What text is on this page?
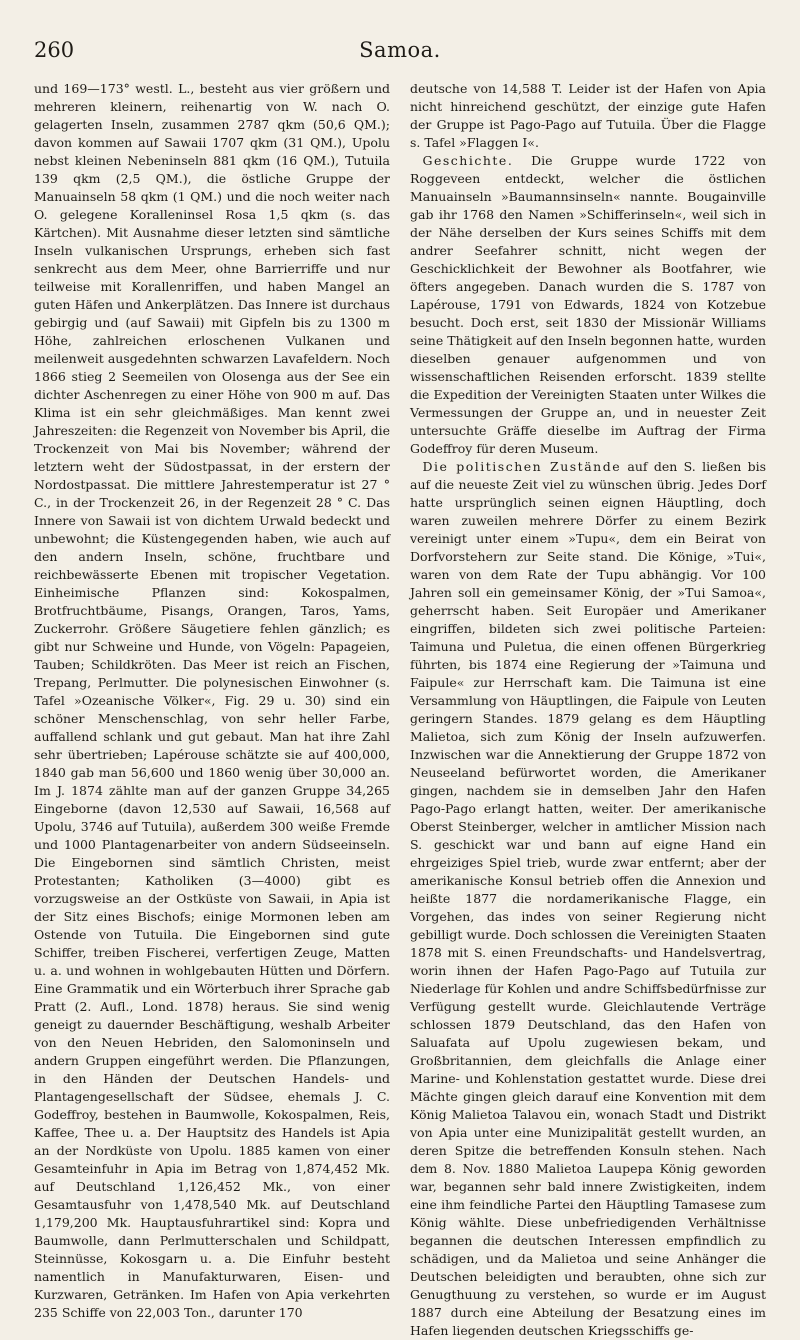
260	Samoa.

und 169—173° westl. L., besteht aus vier größern und mehreren kleinern, reihenartig von W. nach O. gelagerten Inseln, zusammen 2787 qkm (50,6 QM.); davon kommen auf Sawaii 1707 qkm (31 QM.), Upolu nebst kleinen Nebeninseln 881 qkm (16 QM.), Tutuila 139 qkm (2,5 QM.), die östliche Gruppe der Manuainseln 58 qkm (1 QM.) und die noch weiter nach O. gelegene Koralleninsel Rosa 1,5 qkm (s. das Kärtchen). Mit Ausnahme dieser letzten sind sämtliche Inseln vulkanischen Ursprungs, erheben sich fast senkrecht aus dem Meer, ohne Barrierriffe und nur teilweise mit Korallenriffen, und haben Mangel an guten Häfen und Ankerplätzen. Das Innere ist durchaus gebirgig und (auf Sawaii) mit Gipfeln bis zu 1300 m Höhe, zahlreichen erloschenen Vulkanen und meilenweit ausgedehnten schwarzen Lavafeldern. Noch 1866 stieg 2 Seemeilen von Olosenga aus der See ein dichter Aschenregen zu einer Höhe von 900 m auf. Das Klima ist ein sehr gleichmäßiges. Man kennt zwei Jahreszeiten: die Regenzeit von November bis April, die Trockenzeit von Mai bis November; während der letztern weht der Südostpassat, in der erstern der Nordostpassat. Die mittlere Jahrestemperatur ist 27 ° C., in der Trockenzeit 26, in der Regenzeit 28 ° C. Das Innere von Sawaii ist von dichtem Urwald bedeckt und unbewohnt; die Küstengegenden haben, wie auch auf den andern Inseln, schöne, fruchtbare und reichbewässerte Ebenen mit tropischer Vegetation. Einheimische Pflanzen sind: Kokospalmen, Brotfruchtbäume, Pisangs, Orangen, Taros, Yams, Zuckerrohr. Größere Säugetiere fehlen gänzlich; es gibt nur Schweine und Hunde, von Vögeln: Papageien, Tauben; Schildkröten. Das Meer ist reich an Fischen, Trepang, Perlmutter. Die polynesischen Einwohner (s. Tafel »Ozeanische Völker«, Fig. 29 u. 30) sind ein schöner Menschenschlag, von sehr heller Farbe, auffallend schlank und gut gebaut. Man hat ihre Zahl sehr übertrieben; Lapérouse schätzte sie auf 400,000, 1840 gab man 56,600 und 1860 wenig über 30,000 an. Im J. 1874 zählte man auf der ganzen Gruppe 34,265 Eingeborne (davon 12,530 auf Sawaii, 16,568 auf Upolu, 3746 auf Tutuila), außerdem 300 weiße Fremde und 1000 Plantagenarbeiter von andern Südseeinseln. Die Eingebornen sind sämtlich Christen, meist Protestanten; Katholiken (3—4000) gibt es vorzugsweise an der Ostküste von Sawaii, in Apia ist der Sitz eines Bischofs; einige Mormonen leben am Ostende von Tutuila. Die Eingebornen sind gute Schiffer, treiben Fischerei, verfertigen Zeuge, Matten u. a. und wohnen in wohlgebauten Hütten und Dörfern. Eine Grammatik und ein Wörterbuch ihrer Sprache gab Pratt (2. Aufl., Lond. 1878) heraus. Sie sind wenig geneigt zu dauernder Beschäftigung, weshalb Arbeiter von den Neuen Hebriden, den Salomoninseln und andern Gruppen eingeführt werden. Die Pflanzungen, in den Händen der Deutschen Handels- und Plantagengesellschaft der Südsee, ehemals J. C. Godeffroy, bestehen in Baumwolle, Kokospalmen, Reis, Kaffee, Thee u. a. Der Hauptsitz des Handels ist Apia an der Nordküste von Upolu. 1885 kamen von einer Gesamteinfuhr in Apia im Betrag von 1,874,452 Mk. auf Deutschland 1,126,452 Mk., von einer Gesamtausfuhr von 1,478,540 Mk. auf Deutschland 1,179,200 Mk. Hauptausfuhrartikel sind: Kopra und Baumwolle, dann Perlmutterschalen und Schildpatt, Steinnüsse, Kokosgarn u. a. Die Einfuhr besteht namentlich in Manufakturwaren, Eisen- und Kurzwaren, Getränken. Im Hafen von Apia verkehrten 235 Schiffe von 22,003 Ton., darunter 170

deutsche von 14,588 T. Leider ist der Hafen von Apia nicht hinreichend geschützt, der einzige gute Hafen der Gruppe ist Pago-Pago auf Tutuila. Über die Flagge s. Tafel »Flaggen I«.

Geschichte. Die Gruppe wurde 1722 von Roggeveen entdeckt, welcher die östlichen Manuainseln »Baumannsinseln« nannte. Bougainville gab ihr 1768 den Namen »Schifferinseln«, weil sich in der Nähe derselben der Kurs seines Schiffs mit dem andrer Seefahrer schnitt, nicht wegen der Geschicklichkeit der Bewohner als Bootfahrer, wie öfters angegeben. Danach wurden die S. 1787 von Lapérouse, 1791 von Edwards, 1824 von Kotzebue besucht. Doch erst, seit 1830 der Missionär Williams seine Thätigkeit auf den Inseln begonnen hatte, wurden dieselben genauer aufgenommen und von wissenschaftlichen Reisenden erforscht. 1839 stellte die Expedition der Vereinigten Staaten unter Wilkes die Vermessungen der Gruppe an, und in neuester Zeit untersuchte Gräffe dieselbe im Auftrag der Firma Godeffroy für deren Museum.

Die politischen Zustände auf den S. ließen bis auf die neueste Zeit viel zu wünschen übrig. Jedes Dorf hatte ursprünglich seinen eignen Häuptling, doch waren zuweilen mehrere Dörfer zu einem Bezirk vereinigt unter einem »Tupu«, dem ein Beirat von Dorfvorstehern zur Seite stand. Die Könige, »Tui«, waren von dem Rate der Tupu abhängig. Vor 100 Jahren soll ein gemeinsamer König, der »Tui Samoa«, geherrscht haben. Seit Europäer und Amerikaner eingriffen, bildeten sich zwei politische Parteien: Taimuna und Puletua, die einen offenen Bürgerkrieg führten, bis 1874 eine Regierung der »Taimuna und Faipule« zur Herrschaft kam. Die Taimuna ist eine Versammlung von Häuptlingen, die Faipule von Leuten geringern Standes. 1879 gelang es dem Häuptling Malietoa, sich zum König der Inseln aufzuwerfen. Inzwischen war die Annektierung der Gruppe 1872 von Neuseeland befürwortet worden, die Amerikaner gingen, nachdem sie in demselben Jahr den Hafen Pago-Pago erlangt hatten, weiter. Der amerikanische Oberst Steinberger, welcher in amtlicher Mission nach S. geschickt war und bann auf eigne Hand ein ehrgeiziges Spiel trieb, wurde zwar entfernt; aber der amerikanische Konsul betrieb offen die Annexion und heißte 1877 die nordamerikanische Flagge, ein Vorgehen, das indes von seiner Regierung nicht gebilligt wurde. Doch schlossen die Vereinigten Staaten 1878 mit S. einen Freundschafts- und Handelsvertrag, worin ihnen der Hafen Pago-Pago auf Tutuila zur Niederlage für Kohlen und andre Schiffsbedürfnisse zur Verfügung gestellt wurde. Gleichlautende Verträge schlossen 1879 Deutschland, das den Hafen von Saluafata auf Upolu zugewiesen bekam, und Großbritannien, dem gleichfalls die Anlage einer Marine- und Kohlenstation gestattet wurde. Diese drei Mächte gingen gleich darauf eine Konvention mit dem König Malietoa Talavou ein, wonach Stadt und Distrikt von Apia unter eine Munizipalität gestellt wurden, an deren Spitze die betreffenden Konsuln stehen. Nach dem 8. Nov. 1880 Malietoa Laupepa König geworden war, begannen sehr bald innere Zwistigkeiten, indem eine ihm feindliche Partei den Häuptling Tamasese zum König wählte. Diese unbefriedigenden Verhältnisse begannen die deutschen Interessen empfindlich zu schädigen, und da Malietoa und seine Anhänger die Deutschen beleidigten und beraubten, ohne sich zur Genugthuung zu verstehen, so wurde er im August 1887 durch eine Abteilung der Besatzung eines im Hafen liegenden deutschen Kriegsschiffs ge-
